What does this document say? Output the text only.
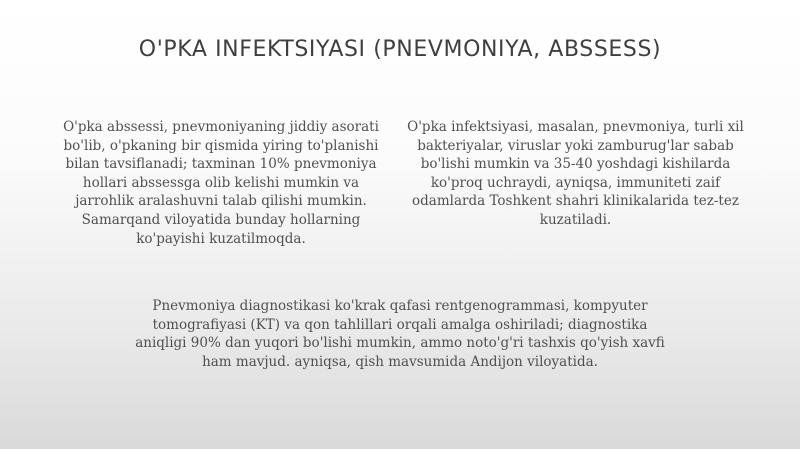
O'PKA INFEKTSIYASI (PNEVMONIYA, ABSSESS)
O'pka abssessi, pnevmoniyaning jiddiy asorati bo'lib, o'pkaning bir qismida yiring to'planishi bilan tavsiflanadi; taxminan 10% pnevmoniya hollari abssessga olib kelishi mumkin va jarrohlik aralashuvni talab qilishi mumkin. Samarqand viloyatida bunday hollarning ko'payishi kuzatilmoqda.
O'pka infektsiyasi, masalan, pnevmoniya, turli xil bakteriyalar, viruslar yoki zamburug'lar sabab bo'lishi mumkin va 35-40 yoshdagi kishilarda ko'proq uchraydi, ayniqsa, immuniteti zaif odamlarda Toshkent shahri klinikalarida tez-tez kuzatiladi.
Pnevmoniya diagnostikasi ko'krak qafasi rentgenogrammasi, kompyuter tomografiyasi (KT) va qon tahlillari orqali amalga oshiriladi; diagnostika aniqligi 90% dan yuqori bo'lishi mumkin, ammo noto'g'ri tashxis qo'yish xavfi ham mavjud. ayniqsa, qish mavsumida Andijon viloyatida.
